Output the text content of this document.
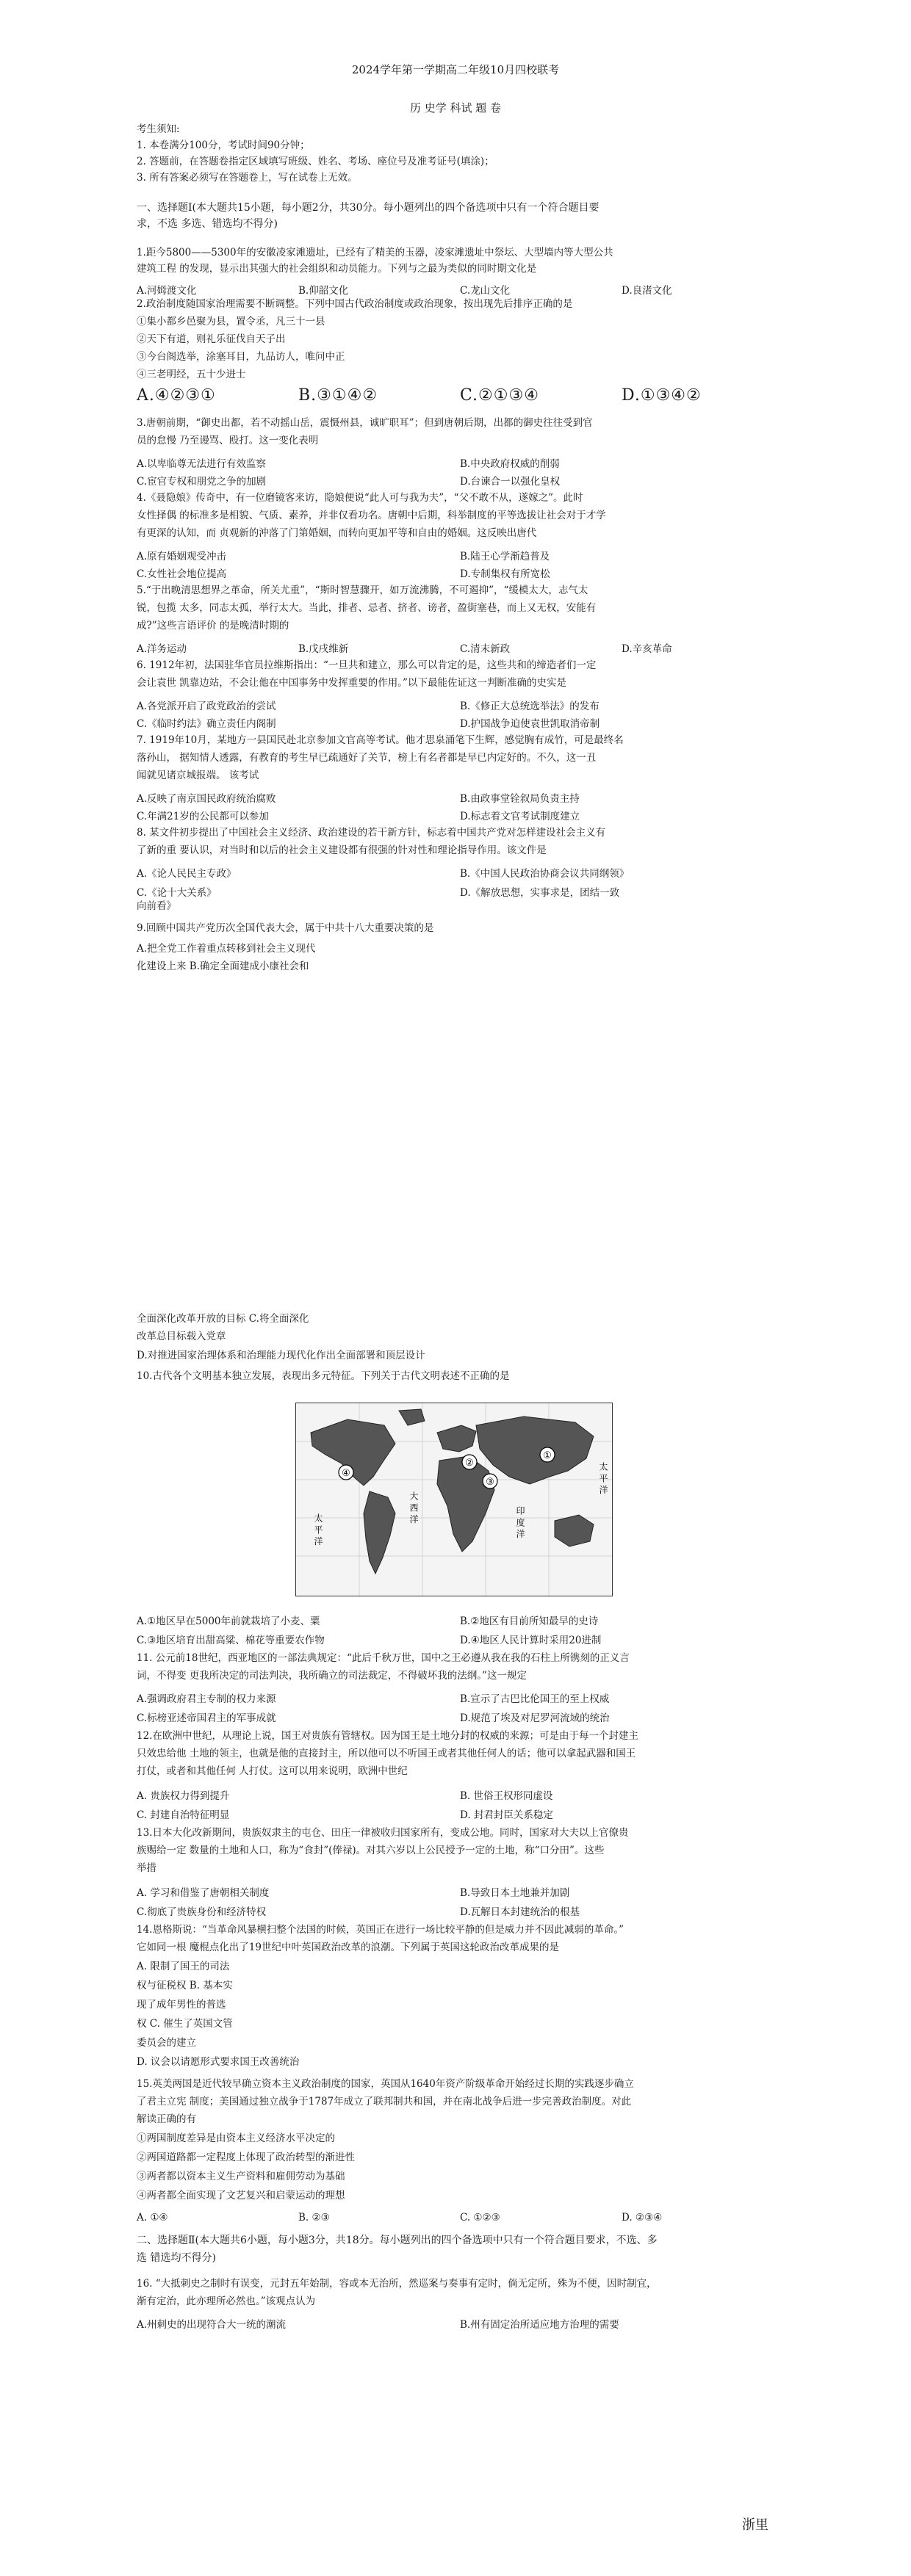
2024学年第一学期高二年级10月四校联考
历 史学 科试 题 卷
考生须知:
1. 本卷满分100分，考试时间90分钟；
2. 答题前，在答题卷指定区域填写班级、姓名、考场、座位号及准考证号(填涂)；
3. 所有答案必须写在答题卷上，写在试卷上无效。
一、选择题Ⅰ(本大题共15小题，每小题2分，共30分。每小题列出的四个备选项中只有一个符合题目要
求，不选 多选、错选均不得分)
1.距今5800——5300年的安徽凌家滩遗址，已经有了精美的玉器，凌家滩遗址中祭坛、大型墙内等大型公共
建筑工程 的发现，显示出其强大的社会组织和动员能力。下列与之最为类似的同时期文化是
A.河姆渡文化	B.仰韶文化	C.龙山文化	D.良渚文化
2.政治制度随国家治理需要不断调整。下列中国古代政治制度或政治现象，按出现先后排序正确的是
①集小都乡邑聚为县，置令丞，凡三十一县
②天下有道，则礼乐征伐自天子出
③今台阁选举，涂塞耳目，九品访人，唯问中正
④三老明经，五十少进士
A.④②③①	B.③①④②	C.②①③④	D.①③④②
3.唐朝前期，“御史出都，若不动摇山岳，震慑州县，诚旷职耳”；但到唐朝后期，出都的御史往往受到官
员的怠慢 乃至谩骂、殴打。这一变化表明
A.以卑临尊无法进行有效监察	B.中央政府权威的削弱
C.宦官专权和朋党之争的加剧	D.台谏合一以强化皇权
4.《聂隐娘》传奇中，有一位磨镜客来访，隐娘便说“此人可与我为夫”，“父不敢不从，遂嫁之”。此时
女性择偶 的标准多是相貌、气质、素养，并非仅看功名。唐朝中后期，科举制度的平等选拔让社会对于才学
有更深的认知，而 贞观新的沖落了门第婚姻，而转向更加平等和自由的婚姻。这反映出唐代
A.原有婚姻观受冲击	B.陆王心学渐趋普及
C.女性社会地位提高	D.专制集权有所宽松
5.“于出晚清思想界之革命，所关尤重”，“斯时智慧骤开，如万流沸腾，不可遏抑”，“缓模太大，志气太
锐，包揽 太多，同志太孤，举行太大。当此，排者、忌者、挤者、谤者，盈街塞巷，而上又无权，安能有
成?”这些言语评价 的是晚清时期的
A.洋务运动	B.戊戌维新	C.清末新政	D.辛亥革命
6. 1912年初，法国驻华官员拉维斯指出：“一旦共和建立，那么可以肯定的是，这些共和的缔造者们一定
会让袁世 凯靠边站，不会让他在中国事务中发挥重要的作用。”以下最能佐证这一判断准确的史实是
A.各党派开启了政党政治的尝试	B.《修正大总统选举法》的发布
C.《临时约法》确立责任内阁制	D.护国战争迫使袁世凯取消帝制
7. 1919年10月，某地方一县国民赴北京参加文官高等考试。他才思泉涌笔下生辉，感觉胸有成竹，可是最终名
落孙山， 据知情人透露，有教育的考生早已疏通好了关节，榜上有名者都是早已内定好的。不久，这一丑
闻就见诸京城报端。 该考试
A.反映了南京国民政府统治腐败	B.由政事堂铨叙局负责主持
C.年满21岁的公民都可以参加	D.标志着文官考试制度建立
8. 某文件初步提出了中国社会主义经济、政治建设的若干新方针，标志着中国共产党对怎样建设社会主义有
了新的重 要认识，对当时和以后的社会主义建设都有很强的针对性和理论指导作用。该文件是
A.《论人民民主专政》	B.《中国人民政治协商会议共同纲领》
C.《论十大关系》	D.《解放思想，实事求是，团结一致
向前看》
9.回顾中国共产党历次全国代表大会，属于中共十八大重要决策的是
A.把全党工作着重点转移到社会主义现代
化建设上来 B.确定全面建成小康社会和
全面深化改革开放的目标 C.将全面深化
改革总目标载入党章
D.对推进国家治理体系和治理能力现代化作出全面部署和顶层设计
10.古代各个文明基本独立发展，表现出多元特征。下列关于古代文明表述不正确的是
①
②
③
④	太 平 洋
太 平 洋
大 西 洋	印 度 洋
A.①地区早在5000年前就栽培了小麦、粟	B.②地区有目前所知最早的史诗
C.③地区培育出甜高粱、棉花等重要农作物	D.④地区人民计算时采用20进制
11. 公元前18世纪，西亚地区的一部法典规定：“此后千秋万世，国中之王必遵从我在我的石柱上所镌刻的正义言
词，不得变 更我所决定的司法判决，我所确立的司法裁定，不得破坏我的法纲。”这一规定
A.强调政府君主专制的权力来源	B.宣示了古巴比伦国王的至上权威
C.标榜亚述帝国君主的军事成就	D.规范了埃及对尼罗河流域的统治
12.在欧洲中世纪，从理论上说，国王对贵族有管辖权。因为国王是土地分封的权威的来源；可是由于每一个封建主
只效忠给他 土地的领主，也就是他的直接封主，所以他可以不听国王或者其他任何人的话；他可以拿起武器和国王
打仗，或者和其他任何 人打仗。这可以用来说明，欧洲中世纪
A. 贵族权力得到提升	B. 世俗王权形同虚设
C. 封建自治特征明显	D. 封君封臣关系稳定
13.日本大化改新期间，贵族奴隶主的屯仓、田庄一律被收归国家所有，变成公地。同时，国家对大夫以上官僚贵
族赐给一定 数量的土地和人口，称为“食封”(俸禄)。对其六岁以上公民授予一定的土地，称“口分田”。这些
举措
A. 学习和借鉴了唐朝相关制度	B.导致日本土地兼并加剧
C.彻底了贵族身份和经济特权	D.瓦解日本封建统治的根基
14.恩格斯说：“当革命风暴横扫整个法国的时候，英国正在进行一场比较平静的但是威力并不因此减弱的革命。”
它如同一根 魔棍点化出了19世纪中叶英国政治改革的浪潮。下列属于英国这轮政治改革成果的是
A. 限制了国王的司法
权与征税权 B. 基本实
现了成年男性的普选
权 C. 催生了英国文管
委员会的建立
D. 议会以请愿形式要求国王改善统治
15.英美两国是近代较早确立资本主义政治制度的国家，英国从1640年资产阶级革命开始经过长期的实践逐步确立
了君主立宪 制度；美国通过独立战争于1787年成立了联邦制共和国，并在南北战争后进一步完善政治制度。对此
解读正确的有
①两国制度差异是由资本主义经济水平决定的
②两国道路都一定程度上体现了政治转型的渐进性
③两者都以资本主义生产资料和雇佣劳动为基础
④两者都全面实现了文艺复兴和启蒙运动的理想
A. ①④	B. ②③	C. ①②③	D. ②③④
二、选择题Ⅱ(本大题共6小题，每小题3分，共18分。每小题列出的四个备选项中只有一个符合题目要求，不选、多
选 错选均不得分)
16. “大抵刺史之制时有误变，元封五年始制，容或本无治所，然巡案与奏事有定时，倘无定所，殊为不便，因时制宜，
渐有定治，此亦理所必然也。”该观点认为
A.州刺史的出现符合大一统的潮流	B.州有固定治所适应地方治理的需要
浙里
